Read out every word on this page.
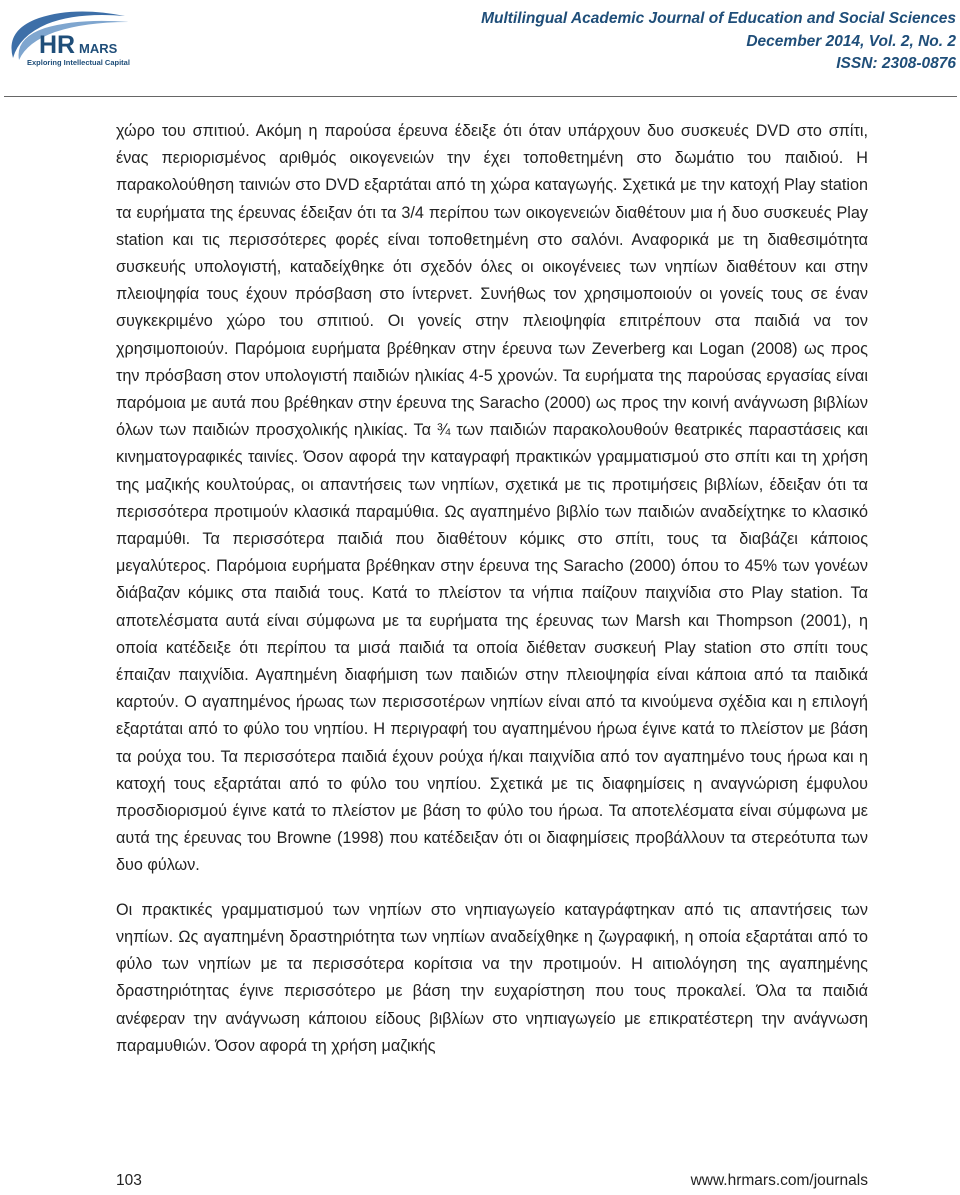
HR MARS
Exploring Intellectual Capital
Multilingual Academic Journal of Education and Social Sciences
December 2014, Vol. 2, No. 2
ISSN: 2308-0876

χώρο του σπιτιού. Ακόμη η παρούσα έρευνα έδειξε ότι όταν υπάρχουν δυο συσκευές DVD στο σπίτι, ένας περιορισμένος αριθμός οικογενειών την έχει τοποθετημένη στο δωμάτιο του παιδιού. Η παρακολούθηση ταινιών στο DVD εξαρτάται από τη χώρα καταγωγής. Σχετικά με την κατοχή Play station τα ευρήματα της έρευνας έδειξαν ότι τα 3/4 περίπου των οικογενειών διαθέτουν μια ή δυο συσκευές Play station και τις περισσότερες φορές είναι τοποθετημένη στο σαλόνι. Αναφορικά με τη διαθεσιμότητα συσκευής υπολογιστή, καταδείχθηκε ότι σχεδόν όλες οι οικογένειες των νηπίων διαθέτουν και στην πλειοψηφία τους έχουν πρόσβαση στο ίντερνετ. Συνήθως τον χρησιμοποιούν οι γονείς τους σε έναν συγκεκριμένο χώρο του σπιτιού. Οι γονείς στην πλειοψηφία επιτρέπουν στα παιδιά να τον χρησιμοποιούν. Παρόμοια ευρήματα βρέθηκαν στην έρευνα των Zeverberg και Logan (2008) ως προς την πρόσβαση στον υπολογιστή παιδιών ηλικίας 4-5 χρονών. Τα ευρήματα της παρούσας εργασίας είναι παρόμοια με αυτά που βρέθηκαν στην έρευνα της Saracho (2000) ως προς την κοινή ανάγνωση βιβλίων όλων των παιδιών προσχολικής ηλικίας. Τα ¾ των παιδιών παρακολουθούν θεατρικές παραστάσεις και κινηματογραφικές ταινίες. Όσον αφορά την καταγραφή πρακτικών γραμματισμού στο σπίτι και τη χρήση της μαζικής κουλτούρας, οι απαντήσεις των νηπίων, σχετικά με τις προτιμήσεις βιβλίων, έδειξαν ότι τα περισσότερα προτιμούν κλασικά παραμύθια. Ως αγαπημένο βιβλίο των παιδιών αναδείχτηκε το κλασικό παραμύθι. Τα περισσότερα παιδιά που διαθέτουν κόμικς στο σπίτι, τους τα διαβάζει κάποιος μεγαλύτερος. Παρόμοια ευρήματα βρέθηκαν στην έρευνα της Saracho (2000) όπου το 45% των γονέων διάβαζαν κόμικς στα παιδιά τους. Κατά το πλείστον τα νήπια παίζουν παιχνίδια στο Play station. Τα αποτελέσματα αυτά είναι σύμφωνα με τα ευρήματα της έρευνας των Marsh και Thompson (2001), η οποία κατέδειξε ότι περίπου τα μισά παιδιά τα οποία διέθεταν συσκευή Play station στο σπίτι τους έπαιζαν παιχνίδια. Αγαπημένη διαφήμιση των παιδιών στην πλειοψηφία είναι κάποια από τα παιδικά καρτούν. Ο αγαπημένος ήρωας των περισσοτέρων νηπίων είναι από τα κινούμενα σχέδια και η επιλογή εξαρτάται από το φύλο του νηπίου. Η περιγραφή του αγαπημένου ήρωα έγινε κατά το πλείστον με βάση τα ρούχα του. Τα περισσότερα παιδιά έχουν ρούχα ή/και παιχνίδια από τον αγαπημένο τους ήρωα και η κατοχή τους εξαρτάται από το φύλο του νηπίου. Σχετικά με τις διαφημίσεις η αναγνώριση έμφυλου προσδιορισμού έγινε κατά το πλείστον με βάση το φύλο του ήρωα. Τα αποτελέσματα είναι σύμφωνα με αυτά της έρευνας του Browne (1998) που κατέδειξαν ότι οι διαφημίσεις προβάλλουν τα στερεότυπα των δυο φύλων.

Οι πρακτικές γραμματισμού των νηπίων στο νηπιαγωγείο καταγράφτηκαν από τις απαντήσεις των νηπίων. Ως αγαπημένη δραστηριότητα των νηπίων αναδείχθηκε η ζωγραφική, η οποία εξαρτάται από το φύλο των νηπίων με τα περισσότερα κορίτσια να την προτιμούν. Η αιτιολόγηση της αγαπημένης δραστηριότητας έγινε περισσότερο με βάση την ευχαρίστηση που τους προκαλεί. Όλα τα παιδιά ανέφεραν την ανάγνωση κάποιου είδους βιβλίων στο νηπιαγωγείο με επικρατέστερη την ανάγνωση παραμυθιών. Όσον αφορά τη χρήση μαζικής

103	www.hrmars.com/journals
